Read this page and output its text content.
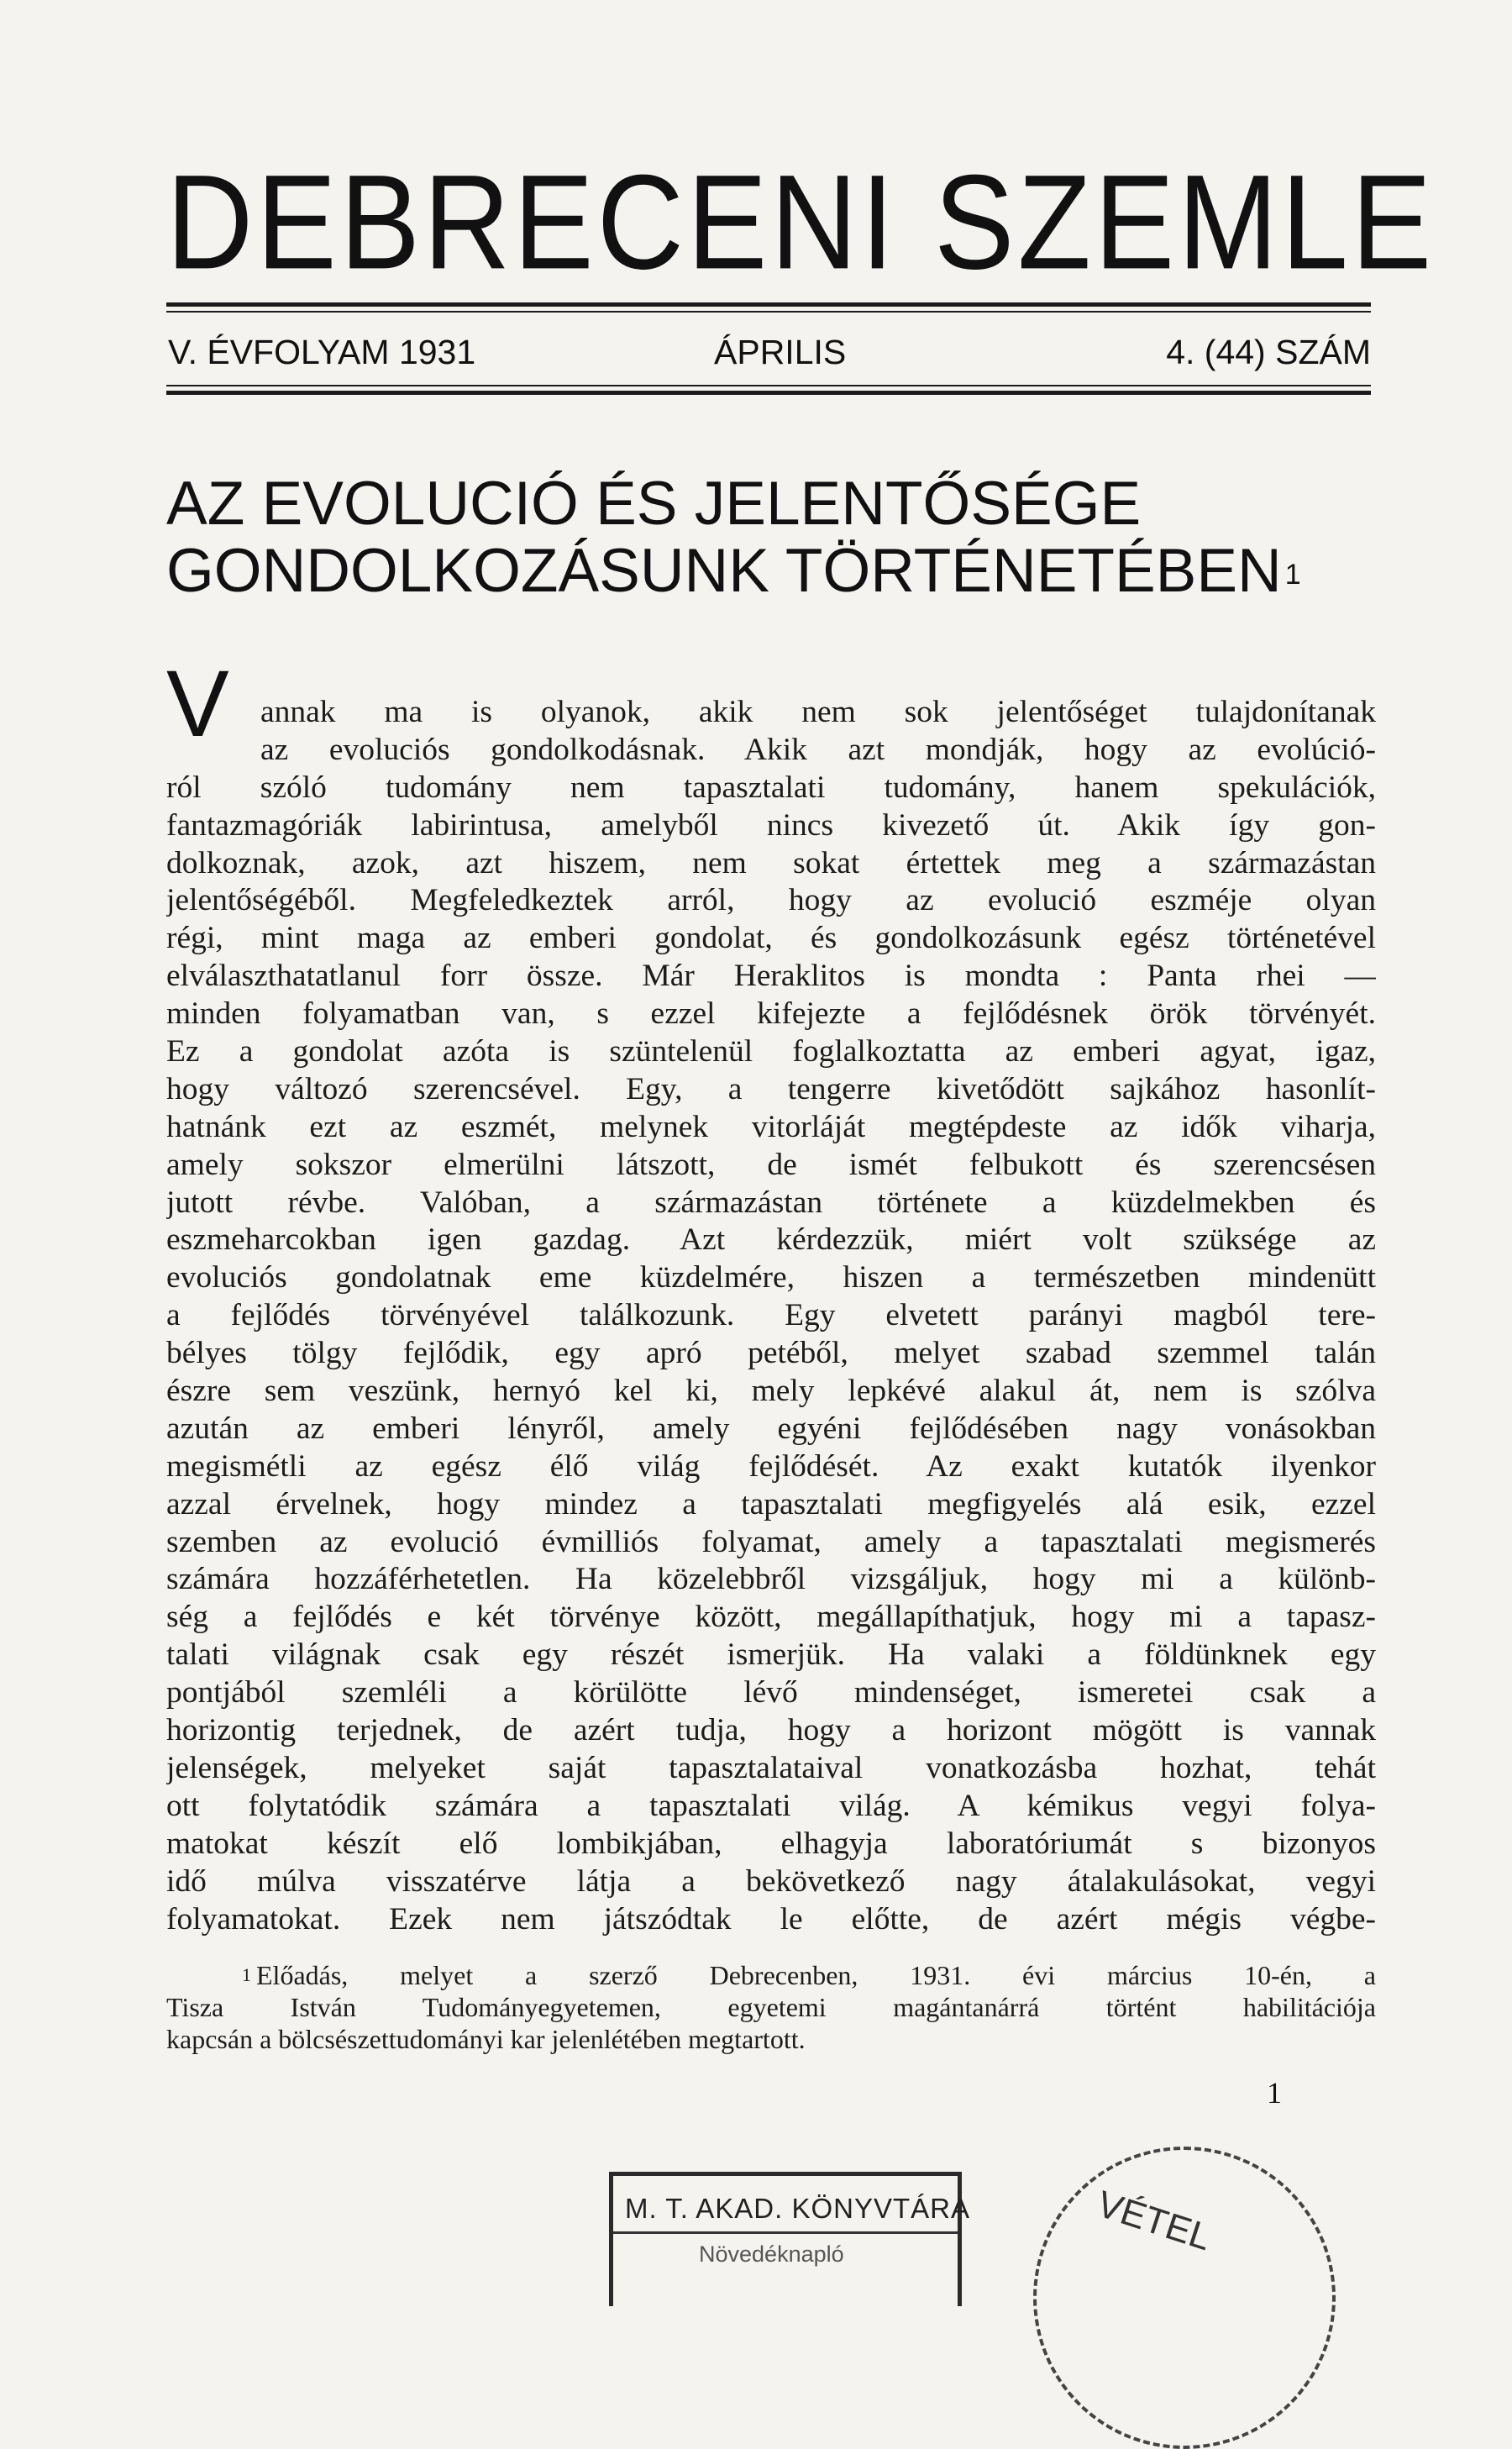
DEBRECENI SZEMLE
V. ÉVFOLYAM 1931	ÁPRILIS	4. (44) SZÁM
AZ EVOLUCIÓ ÉS JELENTŐSÉGE
GONDOLKOZÁSUNK TÖRTÉNETÉBEN $^1$
V annak ma is olyanok, akik nem sok jelentőséget tulajdonítanak
az evoluciós gondolkodásnak. Akik azt mondják, hogy az evolúció-
ról szóló tudomány nem tapasztalati tudomány, hanem spekulációk,
fantazmagóriák labirintusa, amelyből nincs kivezető út. Akik így gon-
dolkoznak, azok, azt hiszem, nem sokat értettek meg a származástan
jelentőségéből. Megfeledkeztek arról, hogy az evolució eszméje olyan
régi, mint maga az emberi gondolat, és gondolkozásunk egész történetével
elválaszthatatlanul forr össze. Már Heraklitos is mondta : Panta rhei —
minden folyamatban van, s ezzel kifejezte a fejlődésnek örök törvényét.
Ez a gondolat azóta is szüntelenül foglalkoztatta az emberi agyat, igaz,
hogy változó szerencsével. Egy, a tengerre kivetődött sajkához hasonlít-
hatnánk ezt az eszmét, melynek vitorláját megtépdeste az idők viharja,
amely sokszor elmerülni látszott, de ismét felbukott és szerencsésen
jutott révbe. Valóban, a származástan története a küzdelmekben és
eszmeharcokban igen gazdag. Azt kérdezzük, miért volt szüksége az
evoluciós gondolatnak eme küzdelmére, hiszen a természetben mindenütt
a fejlődés törvényével találkozunk. Egy elvetett parányi magból tere-
bélyes tölgy fejlődik, egy apró petéből, melyet szabad szemmel talán
észre sem veszünk, hernyó kel ki, mely lepkévé alakul át, nem is szólva
azután az emberi lényről, amely egyéni fejlődésében nagy vonásokban
megismétli az egész élő világ fejlődését. Az exakt kutatók ilyenkor
azzal érvelnek, hogy mindez a tapasztalati megfigyelés alá esik, ezzel
szemben az evolució évmilliós folyamat, amely a tapasztalati megismerés
számára hozzáférhetetlen. Ha közelebbről vizsgáljuk, hogy mi a különb-
ség a fejlődés e két törvénye között, megállapíthatjuk, hogy mi a tapasz-
talati világnak csak egy részét ismerjük. Ha valaki a földünknek egy
pontjából szemléli a körülötte lévő mindenséget, ismeretei csak a
horizontig terjednek, de azért tudja, hogy a horizont mögött is vannak
jelenségek, melyeket saját tapasztalataival vonatkozásba hozhat, tehát
ott folytatódik számára a tapasztalati világ. A kémikus vegyi folya-
matokat készít elő lombikjában, elhagyja laboratóriumát s bizonyos
idő múlva visszatérve látja a bekövetkező nagy átalakulásokat, vegyi
folyamatokat. Ezek nem játszódtak le előtte, de azért mégis végbe-
$^1$ Előadás, melyet a szerző Debrecenben, 1931. évi március 10-én, a
Tisza István Tudományegyetemen, egyetemi magántanárrá történt habilitációja
kapcsán a bölcsészettudományi kar jelenlétében megtartott.
1
M. T. AKAD. KÖNYVTÁRA
Növedéknapló	VÉTEL
